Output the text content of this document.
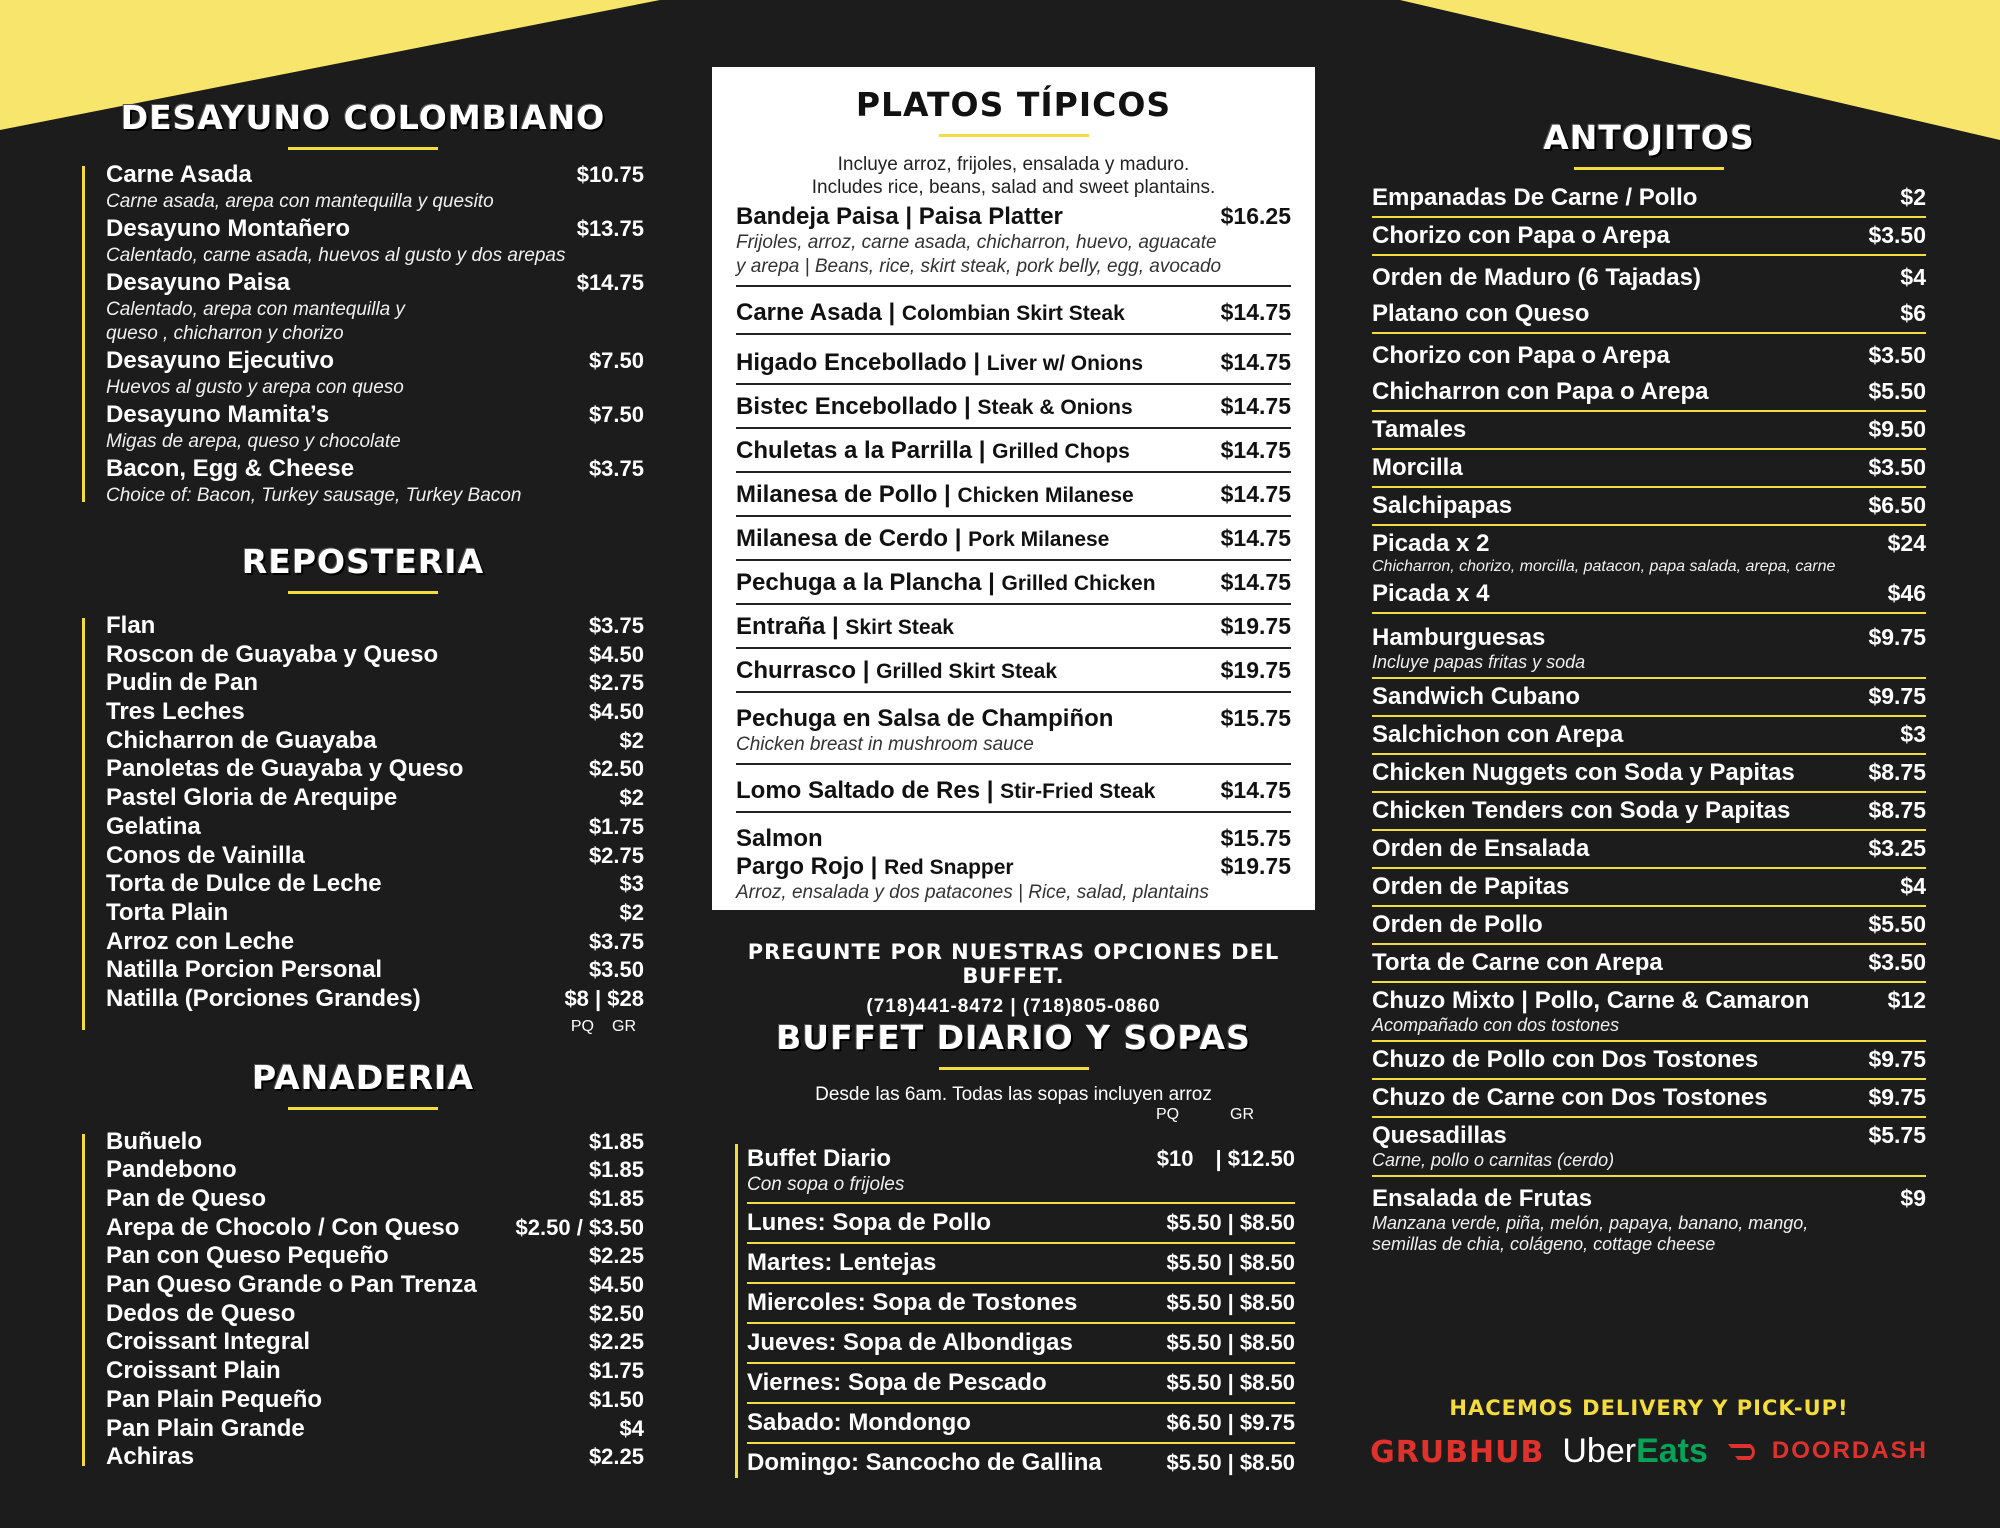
DESAYUNO COLOMBIANO
Carne Asada	$10.75
Carne asada, arepa con mantequilla y quesito
Desayuno Montañero	$13.75
Calentado, carne asada, huevos al gusto y dos arepas
Desayuno Paisa	$14.75
Calentado, arepa con mantequilla y
queso , chicharron y chorizo
Desayuno Ejecutivo	$7.50
Huevos al gusto y arepa con queso
Desayuno Mamita’s	$7.50
Migas de arepa, queso y chocolate
Bacon, Egg & Cheese	$3.75
Choice of: Bacon, Turkey sausage, Turkey Bacon
REPOSTERIA
Flan	$3.75
Roscon de Guayaba y Queso	$4.50
Pudin de Pan	$2.75
Tres Leches	$4.50
Chicharron de Guayaba	$2
Panoletas de Guayaba y Queso	$2.50
Pastel Gloria de Arequipe	$2
Gelatina	$1.75
Conos de Vainilla	$2.75
Torta de Dulce de Leche	$3
Torta Plain	$2
Arroz con Leche	$3.75
Natilla Porcion Personal	$3.50
Natilla (Porciones Grandes)	$8 | $28
PQ GR
PANADERIA
Buñuelo	$1.85
Pandebono	$1.85
Pan de Queso	$1.85
Arepa de Chocolo / Con Queso	$2.50 / $3.50
Pan con Queso Pequeño	$2.25
Pan Queso Grande o Pan Trenza	$4.50
Dedos de Queso	$2.50
Croissant Integral	$2.25
Croissant Plain	$1.75
Pan Plain Pequeño	$1.50
Pan Plain Grande	$4
Achiras	$2.25
PLATOS TÍPICOS
Incluye arroz, frijoles, ensalada y maduro.
Includes rice, beans, salad and sweet plantains.
Bandeja Paisa | Paisa Platter	$16.25
Frijoles, arroz, carne asada, chicharron, huevo, aguacate
y arepa | Beans, rice, skirt steak, pork belly, egg, avocado
Carne Asada | Colombian Skirt Steak	$14.75
Higado Encebollado | Liver w/ Onions	$14.75
Bistec Encebollado | Steak & Onions	$14.75
Chuletas a la Parrilla | Grilled Chops	$14.75
Milanesa de Pollo | Chicken Milanese	$14.75
Milanesa de Cerdo | Pork Milanese	$14.75
Pechuga a la Plancha | Grilled Chicken	$14.75
Entraña | Skirt Steak	$19.75
Churrasco | Grilled Skirt Steak	$19.75
Pechuga en Salsa de Champiñon	$15.75
Chicken breast in mushroom sauce
Lomo Saltado de Res | Stir-Fried Steak	$14.75
Salmon	$15.75
Pargo Rojo | Red Snapper	$19.75
Arroz, ensalada y dos patacones | Rice, salad, plantains
PREGUNTE POR NUESTRAS OPCIONES DEL BUFFET.
(718)441-8472 | (718)805-0860
BUFFET DIARIO Y SOPAS
Desde las 6am. Todas las sopas incluyen arroz
PQ	GR
Buffet Diario	$10 | $12.50
Con sopa o frijoles
Lunes: Sopa de Pollo	$5.50 | $8.50
Martes: Lentejas	$5.50 | $8.50
Miercoles: Sopa de Tostones	$5.50 | $8.50
Jueves: Sopa de Albondigas	$5.50 | $8.50
Viernes: Sopa de Pescado	$5.50 | $8.50
Sabado: Mondongo	$6.50 | $9.75
Domingo: Sancocho de Gallina	$5.50 | $8.50
ANTOJITOS
Empanadas De Carne / Pollo	$2
Chorizo con Papa o Arepa	$3.50
Orden de Maduro (6 Tajadas)	$4
Platano con Queso	$6
Chorizo con Papa o Arepa	$3.50
Chicharron con Papa o Arepa	$5.50
Tamales	$9.50
Morcilla	$3.50
Salchipapas	$6.50
Picada x 2	$24
Chicharron, chorizo, morcilla, patacon, papa salada, arepa, carne
Picada x 4	$46
Hamburguesas	$9.75
Incluye papas fritas y soda
Sandwich Cubano	$9.75
Salchichon con Arepa	$3
Chicken Nuggets con Soda y Papitas	$8.75
Chicken Tenders con Soda y Papitas	$8.75
Orden de Ensalada	$3.25
Orden de Papitas	$4
Orden de Pollo	$5.50
Torta de Carne con Arepa	$3.50
Chuzo Mixto | Pollo, Carne & Camaron	$12
Acompañado con dos tostones
Chuzo de Pollo con Dos Tostones	$9.75
Chuzo de Carne con Dos Tostones	$9.75
Quesadillas	$5.75
Carne, pollo o carnitas (cerdo)
Ensalada de Frutas	$9
Manzana verde, piña, melón, papaya, banano, mango,
semillas de chia, colágeno, cottage cheese
HACEMOS DELIVERY Y PICK-UP!
GRUBHUB UberEats	DOORDASH
